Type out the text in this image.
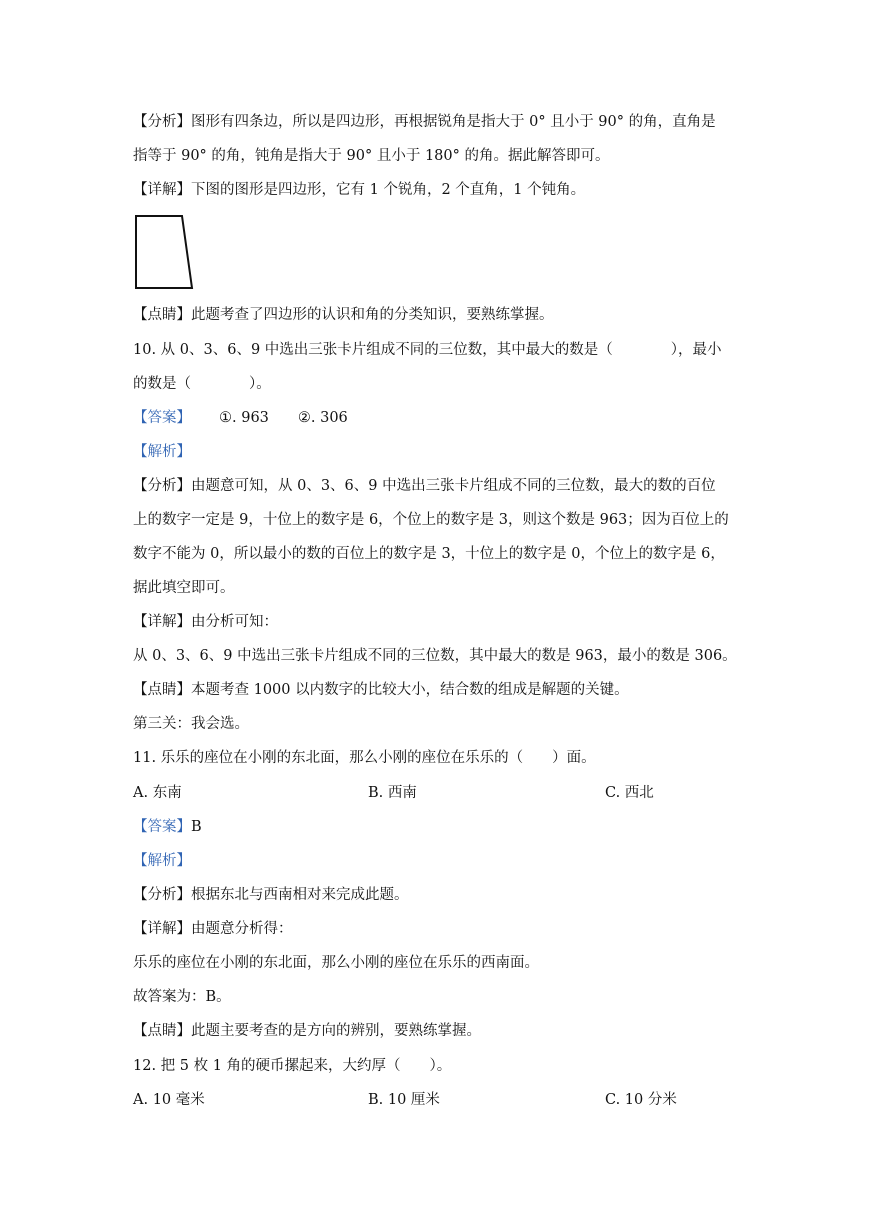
【分析】图形有四条边，所以是四边形，再根据锐角是指大于 0° 且小于 90° 的角，直角是
指等于 90° 的角，钝角是指大于 90° 且小于 180° 的角。据此解答即可。
【详解】下图的图形是四边形，它有 1 个锐角，2 个直角，1 个钝角。
【点睛】此题考查了四边形的认识和角的分类知识，要熟练掌握。
10. 从 0、3、6、9 中选出三张卡片组成不同的三位数，其中最大的数是（　　　　），最小
的数是（　　　　）。
【答案】 ①. 963　　②. 306
【解析】
【分析】由题意可知，从 0、3、6、9 中选出三张卡片组成不同的三位数，最大的数的百位
上的数字一定是 9，十位上的数字是 6，个位上的数字是 3，则这个数是 963；因为百位上的
数字不能为 0，所以最小的数的百位上的数字是 3，十位上的数字是 0，个位上的数字是 6，
据此填空即可。
【详解】由分析可知：
从 0、3、6、9 中选出三张卡片组成不同的三位数，其中最大的数是 963，最小的数是 306。
【点睛】本题考查 1000 以内数字的比较大小，结合数的组成是解题的关键。
第三关：我会选。
11. 乐乐的座位在小刚的东北面，那么小刚的座位在乐乐的（　　）面。
A. 东南	B. 西南	C. 西北
【答案】B
【解析】
【分析】根据东北与西南相对来完成此题。
【详解】由题意分析得：
乐乐的座位在小刚的东北面，那么小刚的座位在乐乐的西南面。
故答案为：B。
【点睛】此题主要考查的是方向的辨别，要熟练掌握。
12. 把 5 枚 1 角的硬币摞起来，大约厚（　　）。
A. 10 毫米	B. 10 厘米	C. 10 分米
